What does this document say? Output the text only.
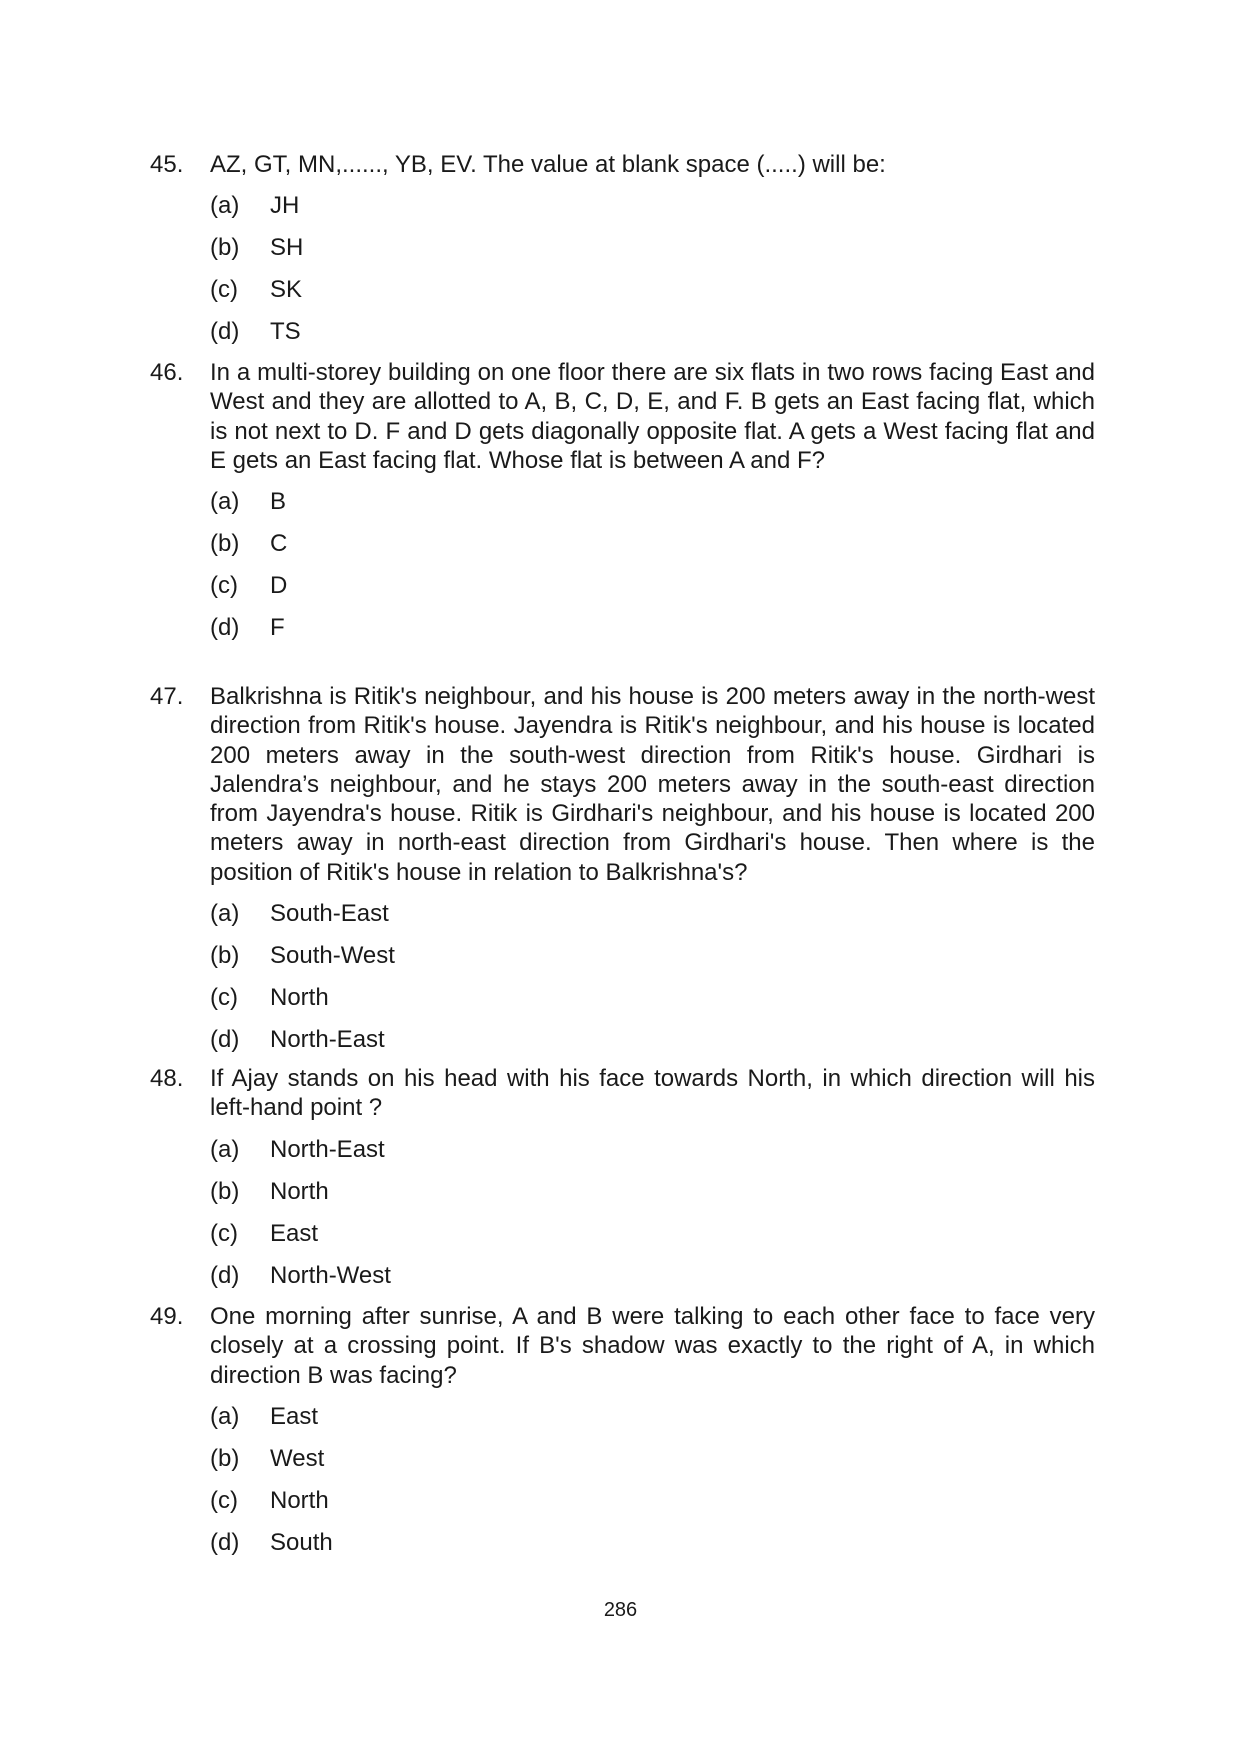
45. AZ, GT, MN,......, YB, EV. The value at blank space (.....) will be:
(a)	JH
(b)	SH
(c)	SK
(d)	TS
46. In a multi-storey building on one floor there are six flats in two rows facing East and West and they are allotted to A, B, C, D, E, and F. B gets an East facing flat, which is not next to D. F and D gets diagonally opposite flat. A gets a West facing flat and E gets an East facing flat. Whose flat is between A and F?
(a)	B
(b)	C
(c)	D
(d)	F
47. Balkrishna is Ritik's neighbour, and his house is 200 meters away in the north-west direction from Ritik's house. Jayendra is Ritik's neighbour, and his house is located 200 meters away in the south-west direction from Ritik's house. Girdhari is Jalendra’s neighbour, and he stays 200 meters away in the south-east direction from Jayendra's house. Ritik is Girdhari's neighbour, and his house is located 200 meters away in north-east direction from Girdhari's house. Then where is the position of Ritik's house in relation to Balkrishna's?
(a)	South-East
(b)	South-West
(c)	North
(d)	North-East
48. If Ajay stands on his head with his face towards North, in which direction will his left-hand point ?
(a)	North-East
(b)	North
(c)	East
(d)	North-West
49. One morning after sunrise, A and B were talking to each other face to face very closely at a crossing point. If B's shadow was exactly to the right of A, in which direction B was facing?
(a)	East
(b)	West
(c)	North
(d)	South
286
